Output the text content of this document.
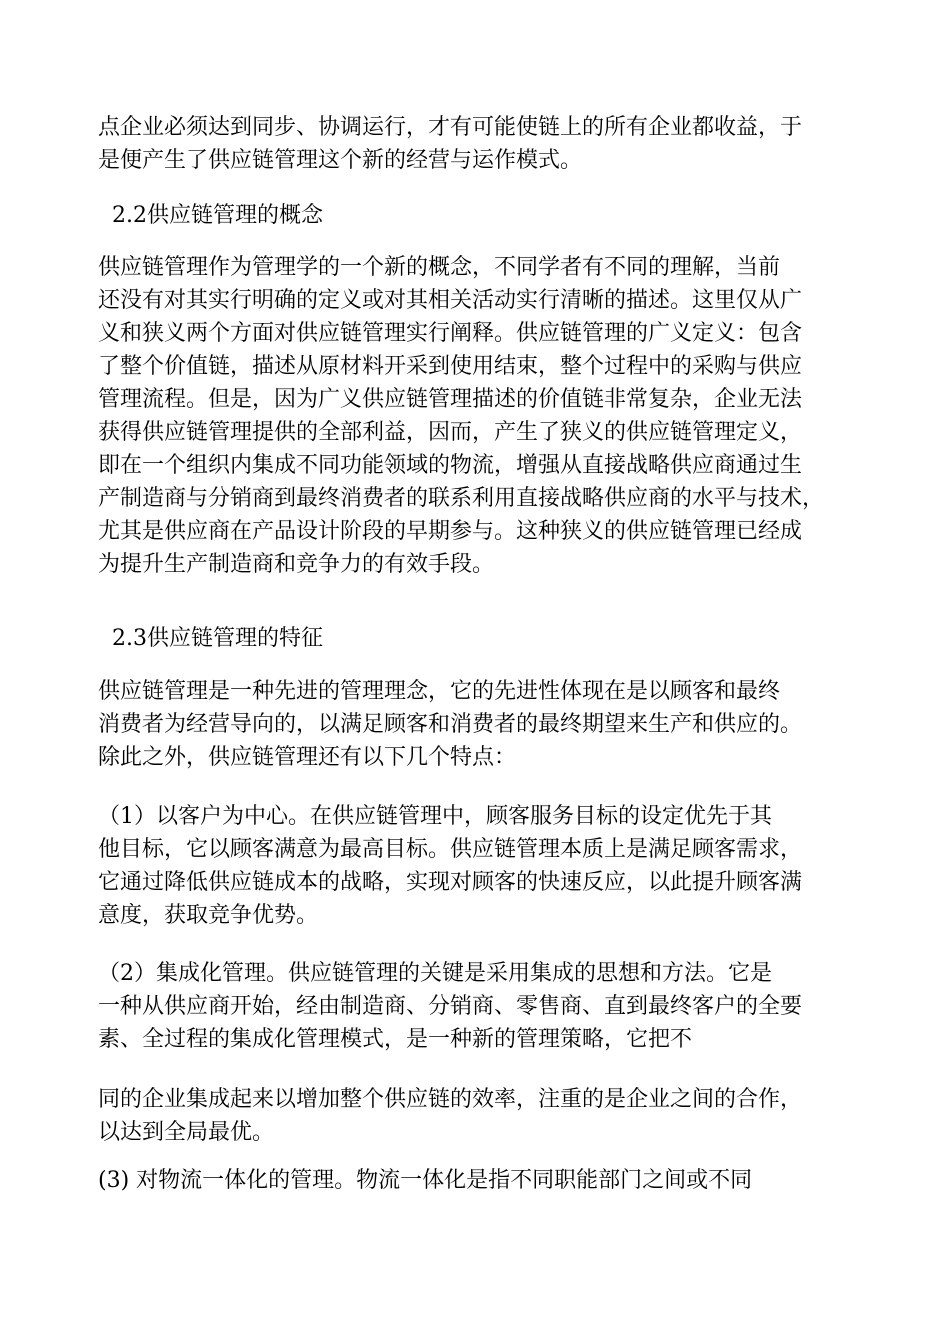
点企业必须达到同步、协调运行，才有可能使链上的所有企业都收益，于

是便产生了供应链管理这个新的经营与运作模式。

2.2供应链管理的概念

供应链管理作为管理学的一个新的概念，不同学者有不同的理解，当前

还没有对其实行明确的定义或对其相关活动实行清晰的描述。这里仅从广

义和狭义两个方面对供应链管理实行阐释。供应链管理的广义定义：包含

了整个价值链，描述从原材料开采到使用结束，整个过程中的采购与供应

管理流程。但是，因为广义供应链管理描述的价值链非常复杂，企业无法

获得供应链管理提供的全部利益，因而，产生了狭义的供应链管理定义，

即在一个组织内集成不同功能领域的物流，增强从直接战略供应商通过生

产制造商与分销商到最终消费者的联系利用直接战略供应商的水平与技术，

尤其是供应商在产品设计阶段的早期参与。这种狭义的供应链管理已经成

为提升生产制造商和竞争力的有效手段。

2.3供应链管理的特征

供应链管理是一种先进的管理理念，它的先进性体现在是以顾客和最终

消费者为经营导向的，以满足顾客和消费者的最终期望来生产和供应的。

除此之外，供应链管理还有以下几个特点：

（1）以客户为中心。在供应链管理中，顾客服务目标的设定优先于其

他目标，它以顾客满意为最高目标。供应链管理本质上是满足顾客需求，

它通过降低供应链成本的战略，实现对顾客的快速反应，以此提升顾客满

意度，获取竞争优势。

（2）集成化管理。供应链管理的关键是采用集成的思想和方法。它是

一种从供应商开始，经由制造商、分销商、零售商、直到最终客户的全要

素、全过程的集成化管理模式，是一种新的管理策略，它把不

同的企业集成起来以增加整个供应链的效率，注重的是企业之间的合作，

以达到全局最优。

(3) 对物流一体化的管理。物流一体化是指不同职能部门之间或不同
